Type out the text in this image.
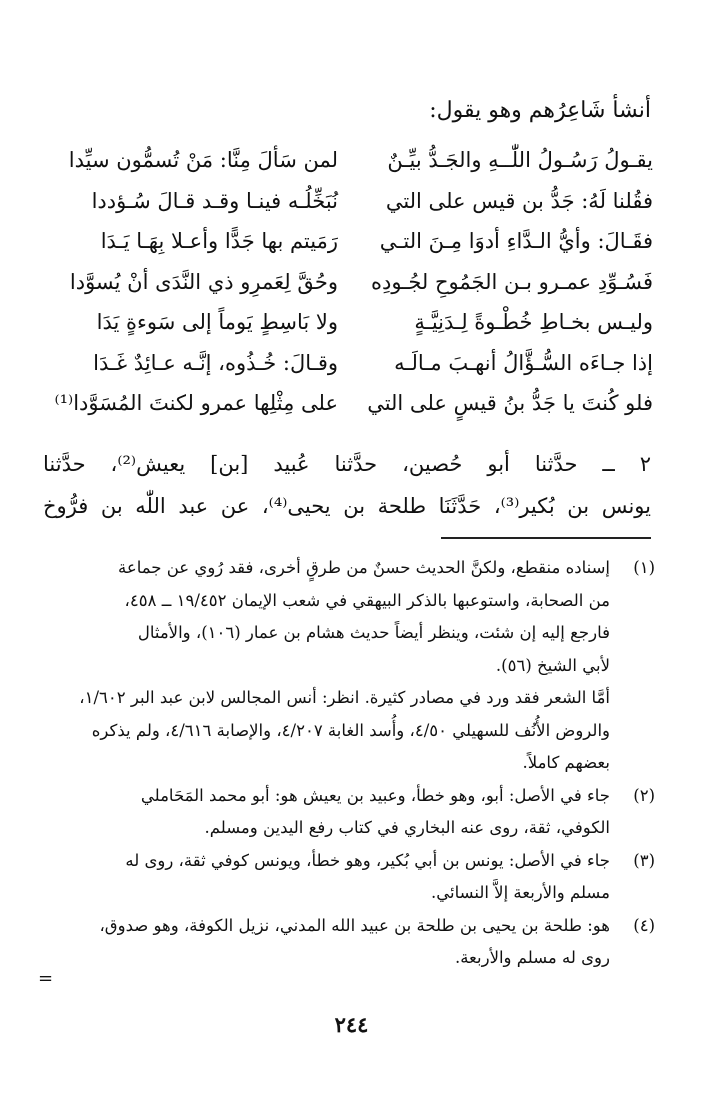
أنشأ شَاعِرُهم وهو يقول:
يقـولُ رَسُـولُ اللّٰــهِ والجَـدُّ بيِّـنٌ
لمن سَألَ مِنَّا: مَنْ تُسمُّون سيِّدا
فقُلنا لَهُ: جَدُّ بن قيس على التي
نُبَخِّلُـه فينـا وقـد قـالَ سُـؤددا
فقَـالَ: وأيُّ الـدَّاءِ أدوَا مِـنَ التـي
رَمَيتم بها جَدًّا وأعـلا بِهَـا يَـدَا
فَسُـوِّدِ عمـرو بـن الجَمُوحِ لجُـودِه
وحُقَّ لِعَمرِو ذي النَّدَى أنْ يُسوَّدا
وليـس بخـاطِ خُطْـوةً لِـدَنِيَّـةٍ
ولا بَاسِطٍ يَوماً إلى سَوءةٍ يَدَا
إذا جـاءَه السُّـؤَّالُ أنهـبَ مـالَـه
وقـالَ: خُـذُوه، إنَّـه عـائِدٌ غَـدَا
فلو كُنتَ يا جَدُّ بنُ قيسٍ على التي
على مِثْلِها عمرو لكنتَ المُسَوَّدا⁽¹⁾
٢ ــ حدَّثنا أبو حُصين، حدَّثنا عُبيد [بن] يعيش⁽²⁾، حدَّثنا
يونس بن بُكير⁽³⁾، حَدَّثَنَا طلحة بن يحيى⁽⁴⁾، عن عبد اللّٰه بن فرُّوخ
(١)
إسناده منقطع، ولكنَّ الحديث حسنٌ من طرقٍ أخرى، فقد رُوي عن جماعة
من الصحابة، واستوعبها بالذكر البيهقي في شعب الإيمان ١٩/٤٥٢ ــ ٤٥٨،
فارجع إليه إن شئت، وينظر أيضاً حديث هشام بن عمار (١٠٦)، والأمثال
لأبي الشيخ (٥٦).
أمَّا الشعر فقد ورد في مصادر كثيرة. انظر: أنس المجالس لابن عبد البر ١/٦٠٢، والروض الأُنُف للسهيلي ٤/٥٠، وأُسد الغابة ٤/٢٠٧، والإصابة ٤/٦١٦، ولم يذكره بعضهم كاملاً.
(٢)
جاء في الأصل: أبو، وهو خطأ، وعبيد بن يعيش هو: أبو محمد المَحَاملي
الكوفي، ثقة، روى عنه البخاري في كتاب رفع اليدين ومسلم.
(٣)
جاء في الأصل: يونس بن أبي بُكير، وهو خطأ، ويونس كوفي ثقة، روى له
مسلم والأربعة إلاَّ النسائي.
(٤)
هو: طلحة بن يحيى بن طلحة بن عبيد الله المدني، نزيل الكوفة، وهو صدوق،
روى له مسلم والأربعة.
=
٢٤٤
